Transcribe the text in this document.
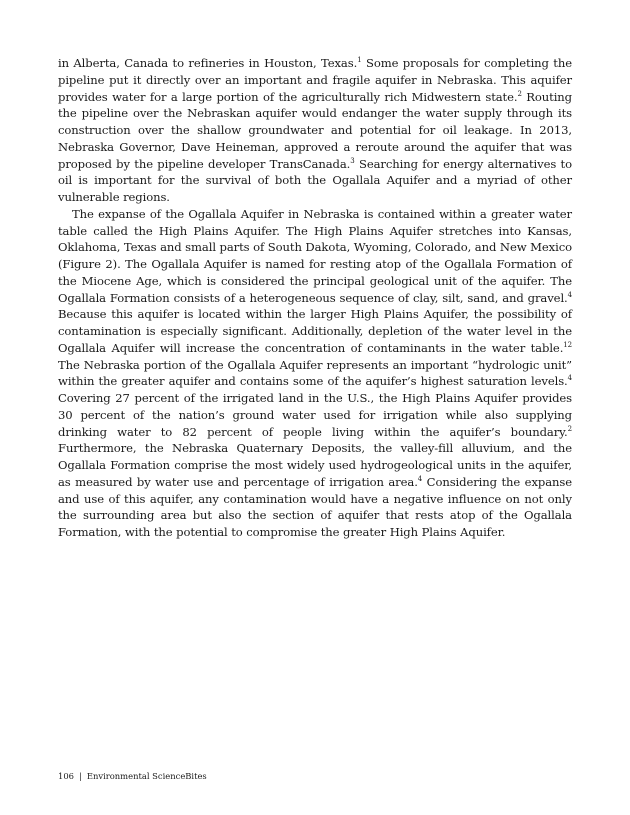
in Alberta, Canada to refineries in Houston, Texas.$^1$ Some proposals for completing the pipeline put it directly over an important and fragile aquifer in Nebraska. This aquifer provides water for a large portion of the agriculturally rich Midwestern state.$^2$ Routing the pipeline over the Nebraskan aquifer would endanger the water supply through its construction over the shallow groundwater and potential for oil leakage. In 2013, Nebraska Governor, Dave Heineman, approved a reroute around the aquifer that was proposed by the pipeline developer TransCanada.$^3$ Searching for energy alternatives to oil is important for the survival of both the Ogallala Aquifer and a myriad of other vulnerable regions.

The expanse of the Ogallala Aquifer in Nebraska is contained within a greater water table called the High Plains Aquifer. The High Plains Aquifer stretches into Kansas, Oklahoma, Texas and small parts of South Dakota, Wyoming, Colorado, and New Mexico (Figure 2). The Ogallala Aquifer is named for resting atop of the Ogallala Formation of the Miocene Age, which is considered the principal geological unit of the aquifer. The Ogallala Formation consists of a heterogeneous sequence of clay, silt, sand, and gravel.$^4$ Because this aquifer is located within the larger High Plains Aquifer, the possibility of contamination is especially significant. Additionally, depletion of the water level in the Ogallala Aquifer will increase the concentration of contaminants in the water table.$^{12}$ The Nebraska portion of the Ogallala Aquifer represents an important “hydrologic unit” within the greater aquifer and contains some of the aquifer’s highest saturation levels.$^4$ Covering 27 percent of the irrigated land in the U.S., the High Plains Aquifer provides 30 percent of the nation’s ground water used for irrigation while also supplying drinking water to 82 percent of people living within the aquifer’s boundary.$^2$ Furthermore, the Nebraska Quaternary Deposits, the valley-fill alluvium, and the Ogallala Formation comprise the most widely used hydrogeological units in the aquifer, as measured by water use and percentage of irrigation area.$^4$ Considering the expanse and use of this aquifer, any contamination would have a negative influence on not only the surrounding area but also the section of aquifer that rests atop of the Ogallala Formation, with the potential to compromise the greater High Plains Aquifer.

106 | Environmental ScienceBites
